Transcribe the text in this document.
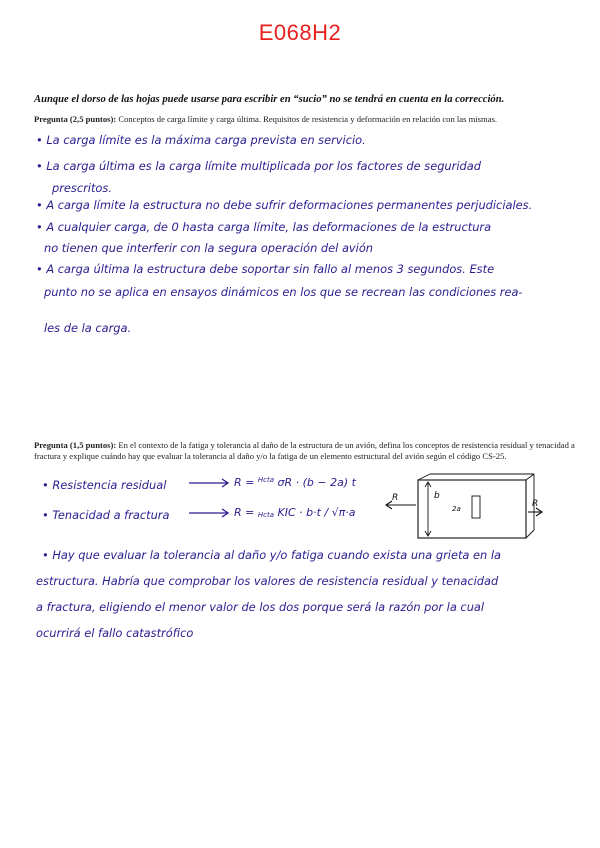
E068H2
Aunque el dorso de las hojas puede usarse para escribir en “sucio” no se tendrá en cuenta en la corrección.
Pregunta (2,5 puntos): Conceptos de carga límite y carga última. Requisitos de resistencia y deformación en relación con las mismas.
• La carga límite es la máxima carga prevista en servicio.
• La carga última es la carga límite multiplicada por los factores de seguridad
prescritos.
• A carga límite la estructura no debe sufrir deformaciones permanentes perjudiciales.
• A cualquier carga, de 0 hasta carga límite, las deformaciones de la estructura
no tienen que interferir con la segura operación del avión
• A carga última la estructura debe soportar sin fallo al menos 3 segundos. Este
punto no se aplica en ensayos dinámicos en los que se recrean las condiciones rea-
les de la carga.
Pregunta (1,5 puntos): En el contexto de la fatiga y tolerancia al daño de la estructura de un avión, defina los conceptos de resistencia residual y tenacidad a fractura y explique cuándo hay que evaluar la tolerancia al daño y/o la fatiga de un elemento estructural del avión según el código CS-25.
• Resistencia residual
• Tenacidad a fractura
R = $^{Hcta}$ σR · (b − 2a) t
R = Hcta KIC · b·t / √π·a
b
2a
R
R
• Hay que evaluar la tolerancia al daño y/o fatiga cuando exista una grieta en la
estructura. Habría que comprobar los valores de resistencia residual y tenacidad
a fractura, eligiendo el menor valor de los dos porque será la razón por la cual
ocurrirá el fallo catastrófico
